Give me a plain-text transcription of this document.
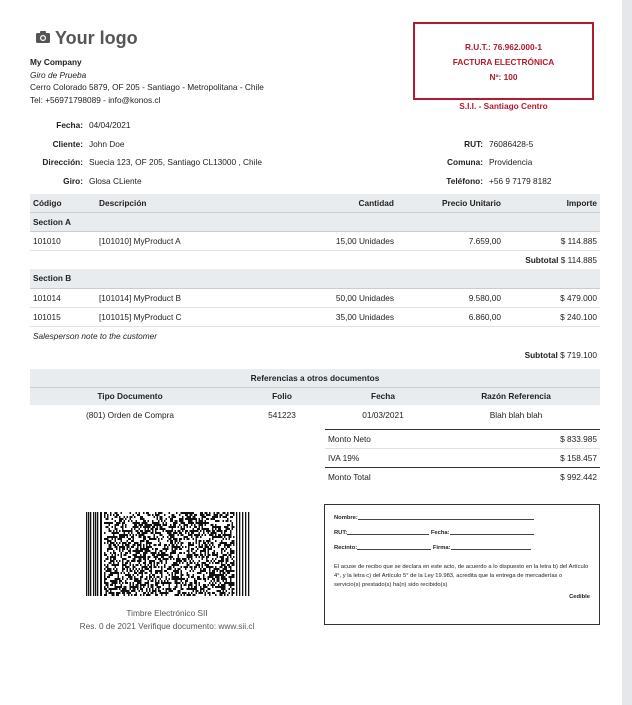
Your logo
My Company
Giro de Prueba
Cerro Colorado 5879, OF 205 - Santiago - Metropolitana - Chile
Tel: +56971798089 - info@konos.cl
R.U.T.: 76.962.000-1
FACTURA ELECTRÓNICA
Nº: 100
S.I.I. - Santiago Centro
Fecha: 04/04/2021
Cliente: John Doe
Dirección: Suecia 123, OF 205, Santiago CL13000 , Chile
Giro: Glosa CLiente
RUT: 76086428-5
Comuna: Providencia
Teléfono: +56 9 7179 8182
Código	Descripción	Cantidad	Precio Unitario	Importe
Section A				
101010	[101010] MyProduct A	15,00 Unidades	7.659,00	$ 114.885
Subtotal $ 114.885				
Section B				
101014	[101014] MyProduct B	50,00 Unidades	9.580,00	$ 479.000
101015	[101015] MyProduct C	35,00 Unidades	6.860,00	$ 240.100
Salesperson note to the customer				
Subtotal $ 719.100				
Referencias a otros documentos			
Tipo Documento	Folio	Fecha	Razón Referencia
(801) Orden de Compra	541223	01/03/2021	Blah blah blah
Monto Neto	$ 833.985
IVA 19%	$ 158.457
Monto Total	$ 992.442
Timbre Electrónico SII
Res. 0 de 2021 Verifique documento: www.sii.cl
Nombre:
RUT:	Fecha:
Recinto:	Firma:
El acuse de recibo que se declara en este acto, de acuerdo a lo dispuesto en la letra b) del Artículo 4°, y la letra c) del Artículo 5° de la Ley 19.983, acredita que la entrega de mercaderías o servicio(s) prestado(s) ha(n) sido recibido(s)
Cedible
